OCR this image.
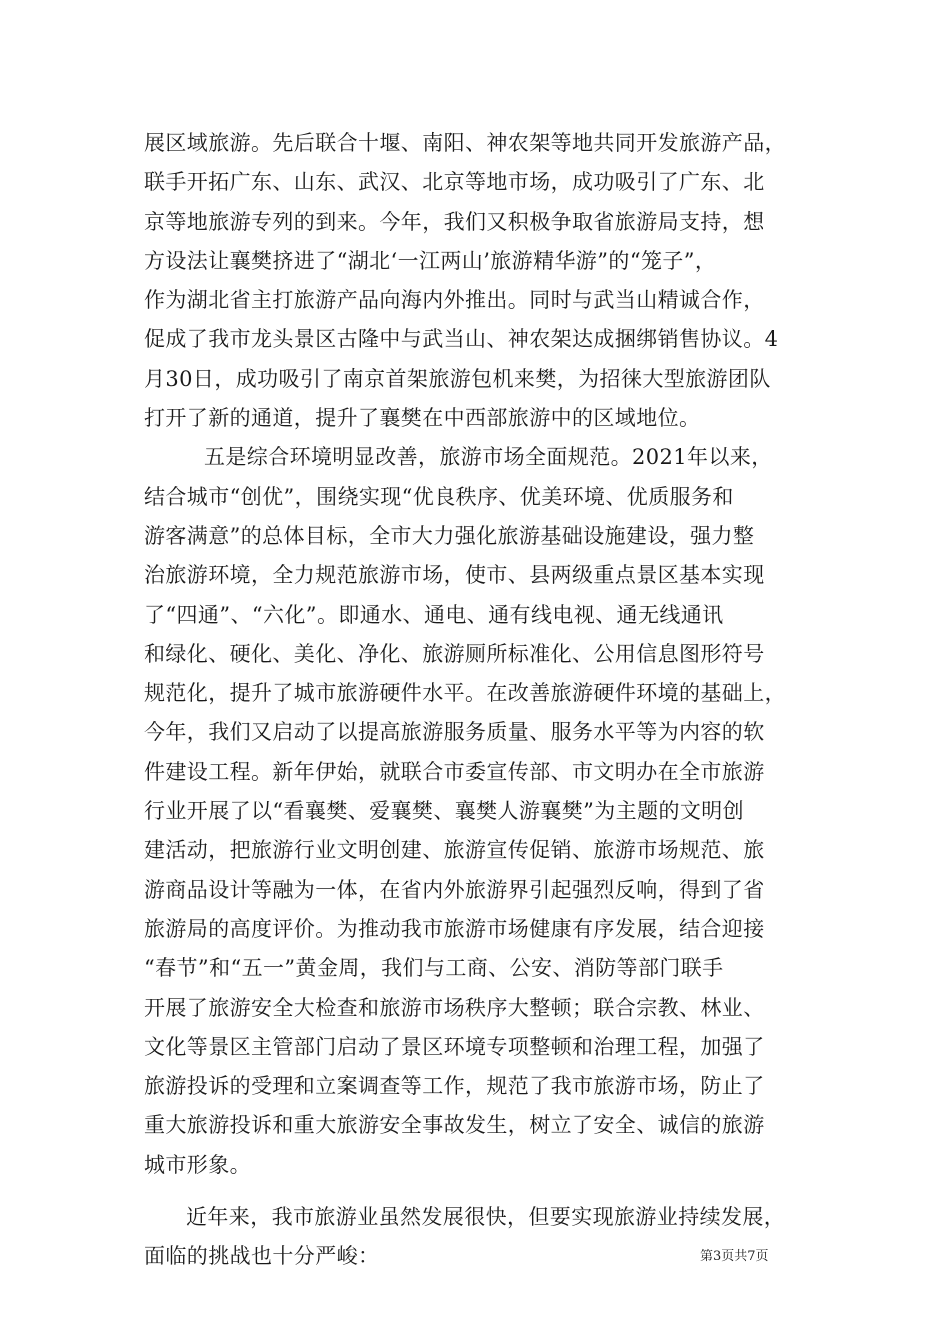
展区域旅游。先后联合十堰、南阳、神农架等地共同开发旅游产品，
联手开拓广东、山东、武汉、北京等地市场，成功吸引了广东、北
京等地旅游专列的到来。今年，我们又积极争取省旅游局支持，想
方设法让襄樊挤进了“湖北‘一江两山’旅游精华游”的“笼子”，
作为湖北省主打旅游产品向海内外推出。同时与武当山精诚合作，
促成了我市龙头景区古隆中与武当山、神农架达成捆绑销售协议。4
月30日，成功吸引了南京首架旅游包机来樊，为招徕大型旅游团队
打开了新的通道，提升了襄樊在中西部旅游中的区域地位。
五是综合环境明显改善，旅游市场全面规范。2021年以来，
结合城市“创优”，围绕实现“优良秩序、优美环境、优质服务和
游客满意”的总体目标，全市大力强化旅游基础设施建设，强力整
治旅游环境，全力规范旅游市场，使市、县两级重点景区基本实现
了“四通”、“六化”。即通水、通电、通有线电视、通无线通讯
和绿化、硬化、美化、净化、旅游厕所标准化、公用信息图形符号
规范化，提升了城市旅游硬件水平。在改善旅游硬件环境的基础上，
今年，我们又启动了以提高旅游服务质量、服务水平等为内容的软
件建设工程。新年伊始，就联合市委宣传部、市文明办在全市旅游
行业开展了以“看襄樊、爱襄樊、襄樊人游襄樊”为主题的文明创
建活动，把旅游行业文明创建、旅游宣传促销、旅游市场规范、旅
游商品设计等融为一体，在省内外旅游界引起强烈反响，得到了省
旅游局的高度评价。为推动我市旅游市场健康有序发展，结合迎接
“春节”和“五一”黄金周，我们与工商、公安、消防等部门联手
开展了旅游安全大检查和旅游市场秩序大整顿；联合宗教、林业、
文化等景区主管部门启动了景区环境专项整顿和治理工程，加强了
旅游投诉的受理和立案调查等工作，规范了我市旅游市场，防止了
重大旅游投诉和重大旅游安全事故发生，树立了安全、诚信的旅游
城市形象。
近年来，我市旅游业虽然发展很快，但要实现旅游业持续发展，
面临的挑战也十分严峻：	第3页共7页
